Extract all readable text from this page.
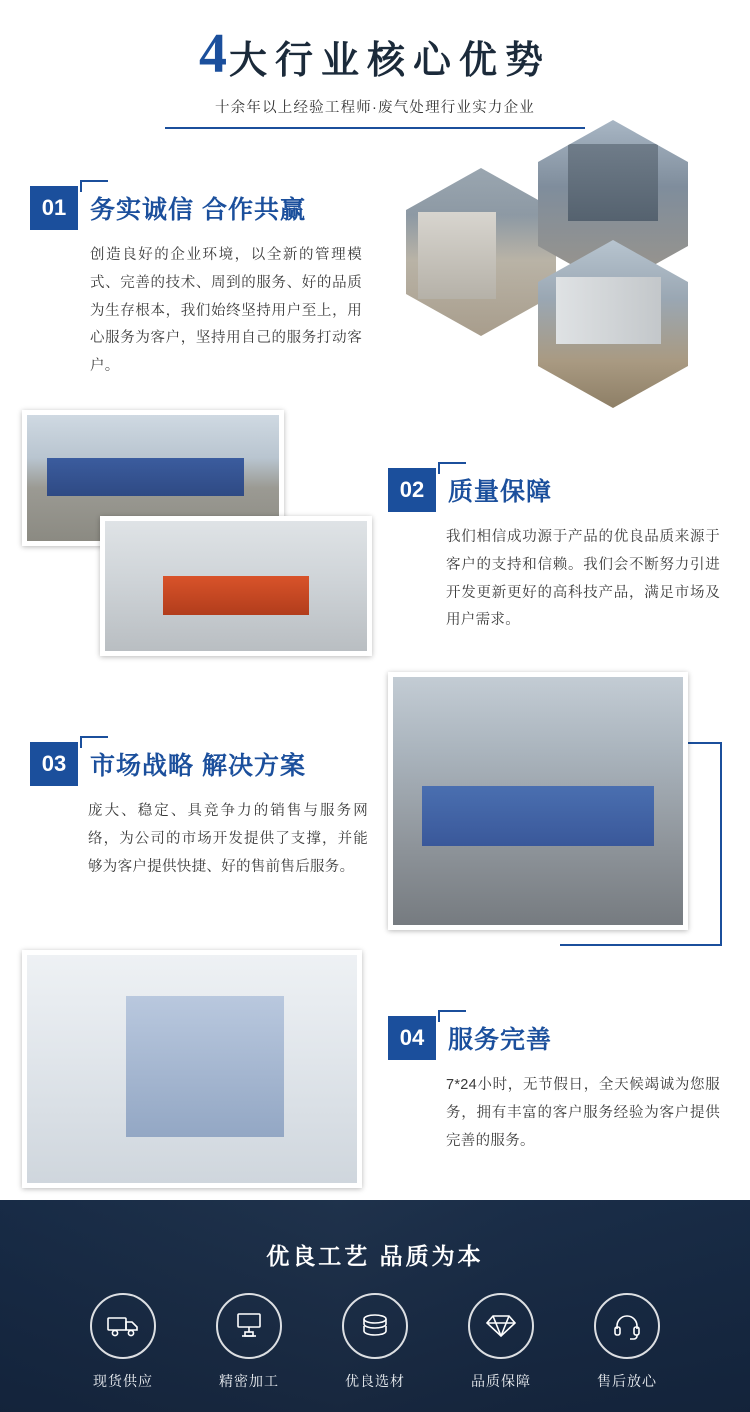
4 大行业核心优势
十余年以上经验工程师·废气处理行业实力企业
01 务实诚信 合作共赢
创造良好的企业环境，以全新的管理模式、完善的技术、周到的服务、好的品质为生存根本，我们始终坚持用户至上，用心服务为客户，坚持用自己的服务打动客户。
02 质量保障
我们相信成功源于产品的优良品质来源于客户的支持和信赖。我们会不断努力引进开发更新更好的高科技产品，满足市场及用户需求。
03 市场战略 解决方案
庞大、稳定、具竞争力的销售与服务网络，为公司的市场开发提供了支撑，并能够为客户提供快捷、好的售前售后服务。
04 服务完善
7*24小时，无节假日，全天候竭诚为您服务，拥有丰富的客户服务经验为客户提供完善的服务。
优良工艺 品质为本
现货供应	精密加工	优良选材	品质保障	售后放心
